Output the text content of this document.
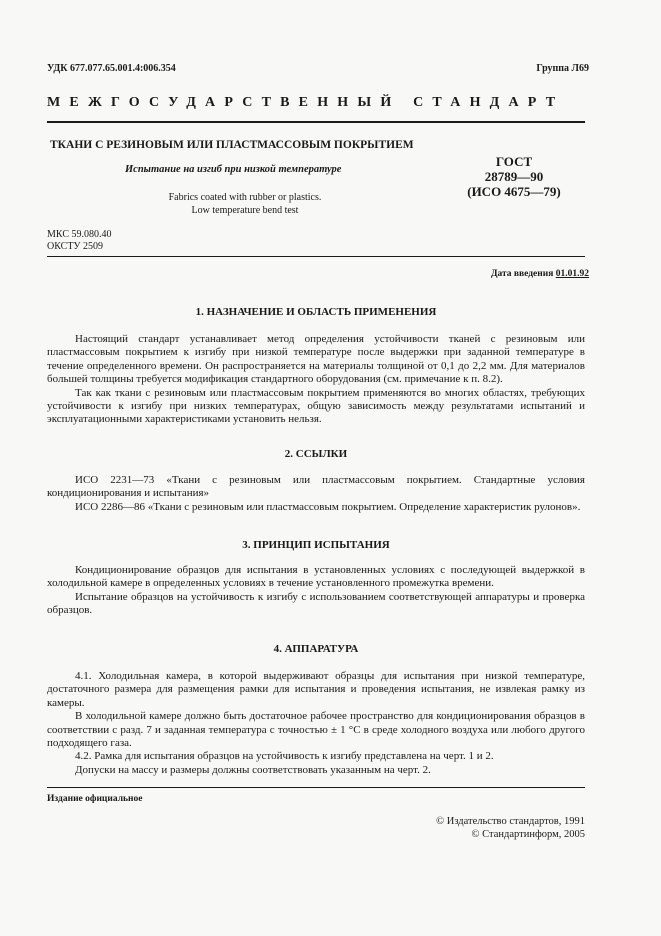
УДК 677.077.65.001.4:006.354	Группа Л69
МЕЖГОСУДАРСТВЕННЫЙ СТАНДАРТ
ТКАНИ С РЕЗИНОВЫМ ИЛИ ПЛАСТМАССОВЫМ ПОКРЫТИЕМ
Испытание на изгиб при низкой температуре
Fabrics coated with rubber or plastics.
Low temperature bend test
ГОСТ
28789—90
(ИСО 4675—79)
МКС 59.080.40
ОКСТУ 2509
Дата введения 01.01.92
1. НАЗНАЧЕНИЕ И ОБЛАСТЬ ПРИМЕНЕНИЯ

Настоящий стандарт устанавливает метод определения устойчивости тканей с резиновым или пластмассовым покрытием к изгибу при низкой температуре после выдержки при заданной температуре в течение определенного времени. Он распространяется на материалы толщиной от 0,1 до 2,2 мм. Для материалов большей толщины требуется модификация стандартного оборудования (см. примечание к п. 8.2).

Так как ткани с резиновым или пластмассовым покрытием применяются во многих областях, требующих устойчивости к изгибу при низких температурах, общую зависимость между результатами испытаний и эксплуатационными характеристиками установить нельзя.

2. ССЫЛКИ

ИСО 2231—73 «Ткани с резиновым или пластмассовым покрытием. Стандартные условия кондиционирования и испытания»

ИСО 2286—86 «Ткани с резиновым или пластмассовым покрытием. Определение характеристик рулонов».

3. ПРИНЦИП ИСПЫТАНИЯ

Кондиционирование образцов для испытания в установленных условиях с последующей выдержкой в холодильной камере в определенных условиях в течение установленного промежутка времени.

Испытание образцов на устойчивость к изгибу с использованием соответствующей аппаратуры и проверка образцов.

4. АППАРАТУРА

4.1. Холодильная камера, в которой выдерживают образцы для испытания при низкой температуре, достаточного размера для размещения рамки для испытания и проведения испытания, не извлекая рамку из камеры.

В холодильной камере должно быть достаточное рабочее пространство для кондиционирования образцов в соответствии с разд. 7 и заданная температура с точностью ± 1 °С в среде холодного воздуха или любого другого подходящего газа.

4.2. Рамка для испытания образцов на устойчивость к изгибу представлена на черт. 1 и 2.

Допуски на массу и размеры должны соответствовать указанным на черт. 2.

Издание официальное
© Издательство стандартов, 1991
© Стандартинформ, 2005
